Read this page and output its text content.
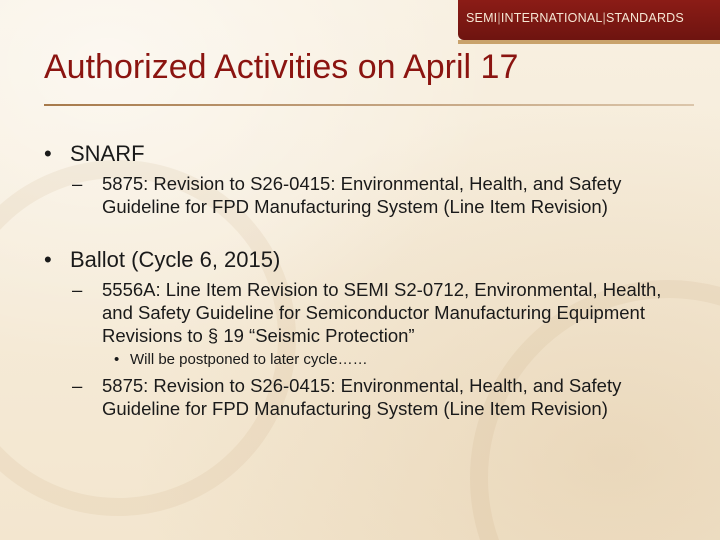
SEMI|INTERNATIONAL|STANDARDS
Authorized Activities on April 17
• SNARF
– 5875: Revision to S26-0415: Environmental, Health, and Safety Guideline for FPD Manufacturing System (Line Item Revision)
• Ballot (Cycle 6, 2015)
– 5556A: Line Item Revision to SEMI S2-0712, Environmental, Health, and Safety Guideline for Semiconductor Manufacturing Equipment Revisions to § 19 “Seismic Protection”
• Will be postponed to later cycle……
– 5875: Revision to S26-0415: Environmental, Health, and Safety Guideline for FPD Manufacturing System (Line Item Revision)
